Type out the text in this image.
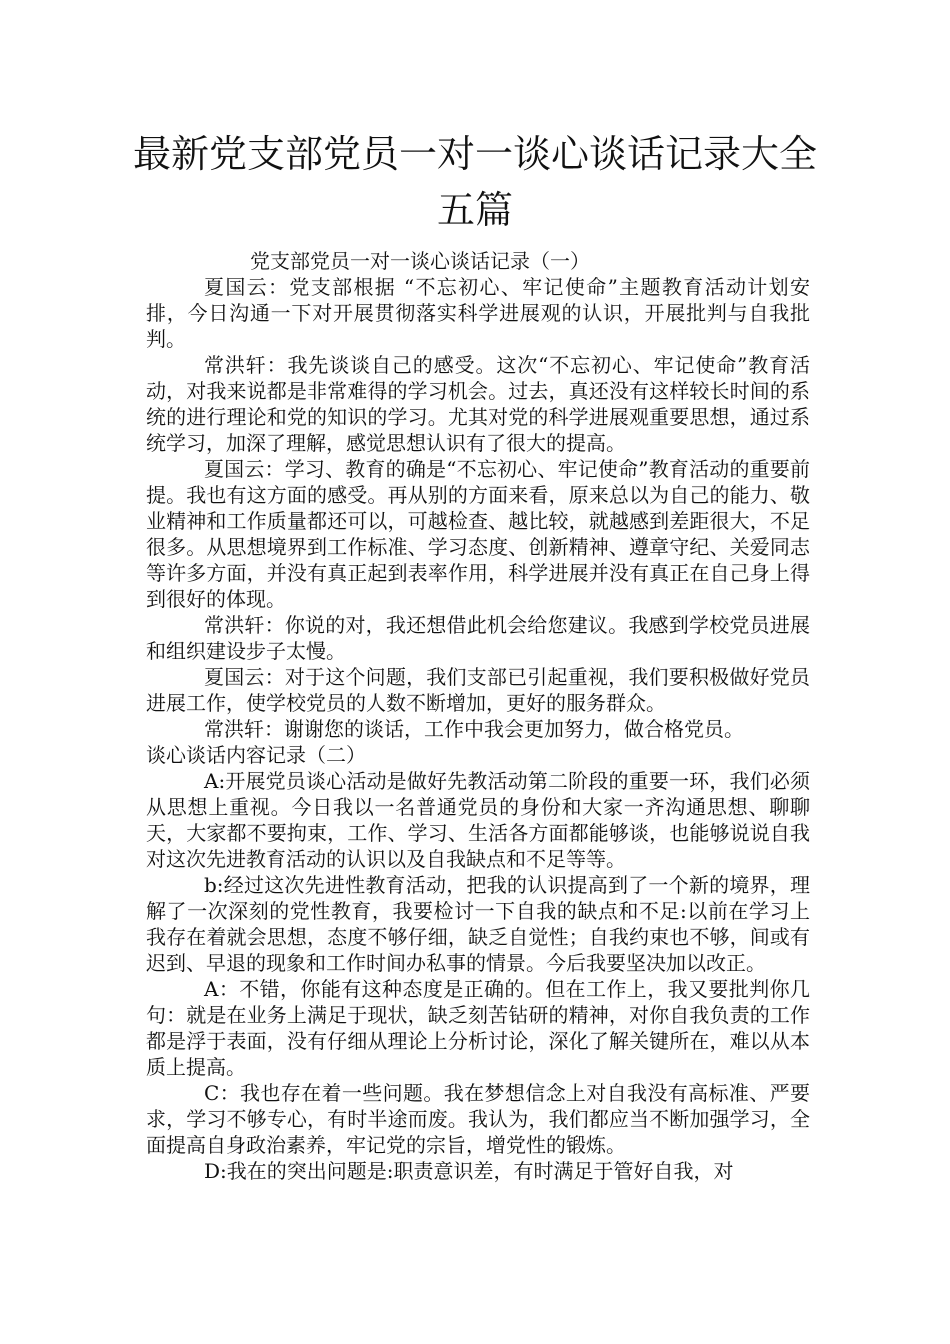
最新党支部党员一对一谈心谈话记录大全
五篇

党支部党员一对一谈心谈话记录（一）

夏国云：党支部根据 “不忘初心、牢记使命”主题教育活动计划安排，今日沟通一下对开展贯彻落实科学进展观的认识，开展批判与自我批判。

常洪轩：我先谈谈自己的感受。这次“不忘初心、牢记使命”教育活动，对我来说都是非常难得的学习机会。过去，真还没有这样较长时间的系统的进行理论和党的知识的学习。尤其对党的科学进展观重要思想，通过系统学习，加深了理解，感觉思想认识有了很大的提高。

夏国云：学习、教育的确是“不忘初心、牢记使命”教育活动的重要前提。我也有这方面的感受。再从别的方面来看，原来总以为自己的能力、敬业精神和工作质量都还可以，可越检查、越比较，就越感到差距很大，不足很多。从思想境界到工作标准、学习态度、创新精神、遵章守纪、关爱同志等许多方面，并没有真正起到表率作用，科学进展并没有真正在自己身上得到很好的体现。

常洪轩：你说的对，我还想借此机会给您建议。我感到学校党员进展和组织建设步子太慢。

夏国云：对于这个问题，我们支部已引起重视，我们要积极做好党员进展工作，使学校党员的人数不断增加，更好的服务群众。

常洪轩：谢谢您的谈话，工作中我会更加努力，做合格党员。

谈心谈话内容记录（二）

A:开展党员谈心活动是做好先教活动第二阶段的重要一环，我们必须从思想上重视。今日我以一名普通党员的身份和大家一齐沟通思想、聊聊天，大家都不要拘束，工作、学习、生活各方面都能够谈，也能够说说自我对这次先进教育活动的认识以及自我缺点和不足等等。

b:经过这次先进性教育活动，把我的认识提高到了一个新的境界，理解了一次深刻的党性教育，我要检讨一下自我的缺点和不足:以前在学习上我存在着就会思想，态度不够仔细，缺乏自觉性；自我约束也不够，间或有迟到、早退的现象和工作时间办私事的情景。今后我要坚决加以改正。

A：不错，你能有这种态度是正确的。但在工作上，我又要批判你几句：就是在业务上满足于现状，缺乏刻苦钻研的精神，对你自我负责的工作都是浮于表面，没有仔细从理论上分析讨论，深化了解关键所在，难以从本质上提高。

C：我也存在着一些问题。我在梦想信念上对自我没有高标准、严要求，学习不够专心，有时半途而废。我认为，我们都应当不断加强学习，全面提高自身政治素养，牢记党的宗旨，增党性的锻炼。

D:我在的突出问题是:职责意识差，有时满足于管好自我，对
